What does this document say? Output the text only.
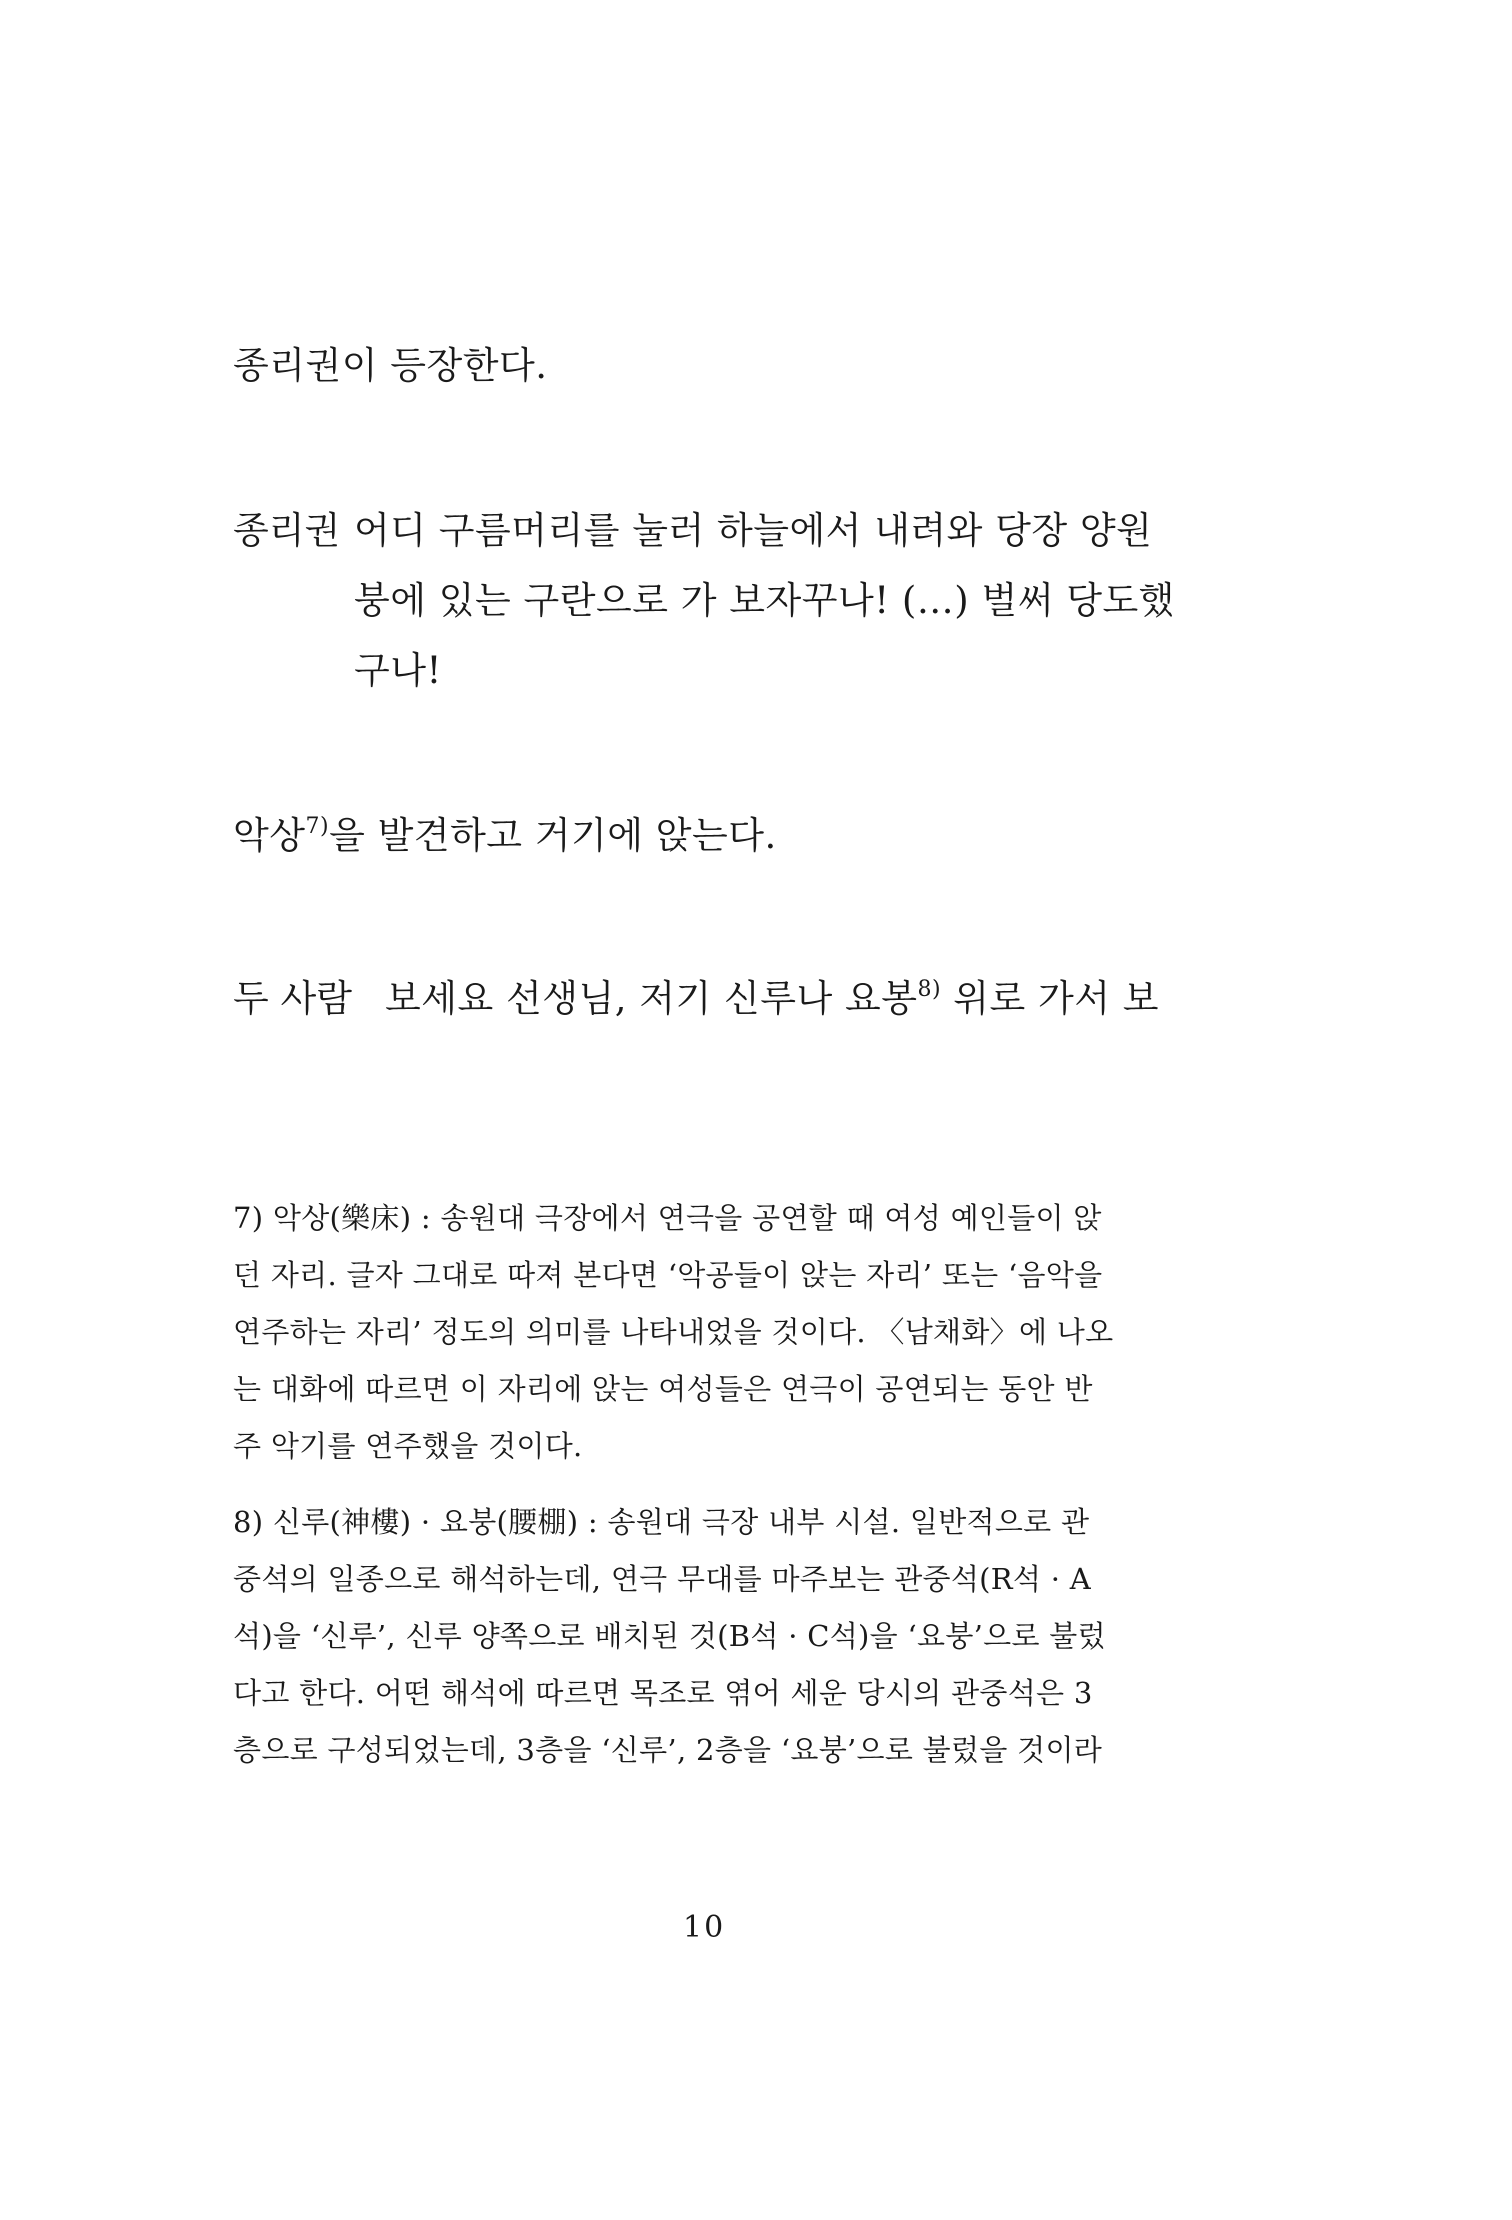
종리권이 등장한다.
종리권 어디 구름머리를 눌러 하늘에서 내려와 당장 양원
붕에 있는 구란으로 가 보자꾸나! (…) 벌써 당도했
구나!
악상$^{7)}$을 발견하고 거기에 앉는다.
두 사람 보세요 선생님, 저기 신루나 요봉$^{8)}$ 위로 가서 보
7) 악상(樂床) : 송원대 극장에서 연극을 공연할 때 여성 예인들이 앉
던 자리. 글자 그대로 따져 본다면 ‘악공들이 앉는 자리’ 또는 ‘음악을
연주하는 자리’ 정도의 의미를 나타내었을 것이다. 〈남채화〉에 나오
는 대화에 따르면 이 자리에 앉는 여성들은 연극이 공연되는 동안 반
주 악기를 연주했을 것이다.
8) 신루(神樓) · 요붕(腰棚) : 송원대 극장 내부 시설. 일반적으로 관
중석의 일종으로 해석하는데, 연극 무대를 마주보는 관중석(R석 · A
석)을 ‘신루’, 신루 양쪽으로 배치된 것(B석 · C석)을 ‘요붕’으로 불렀
다고 한다. 어떤 해석에 따르면 목조로 엮어 세운 당시의 관중석은 3
층으로 구성되었는데, 3층을 ‘신루’, 2층을 ‘요붕’으로 불렀을 것이라
10
